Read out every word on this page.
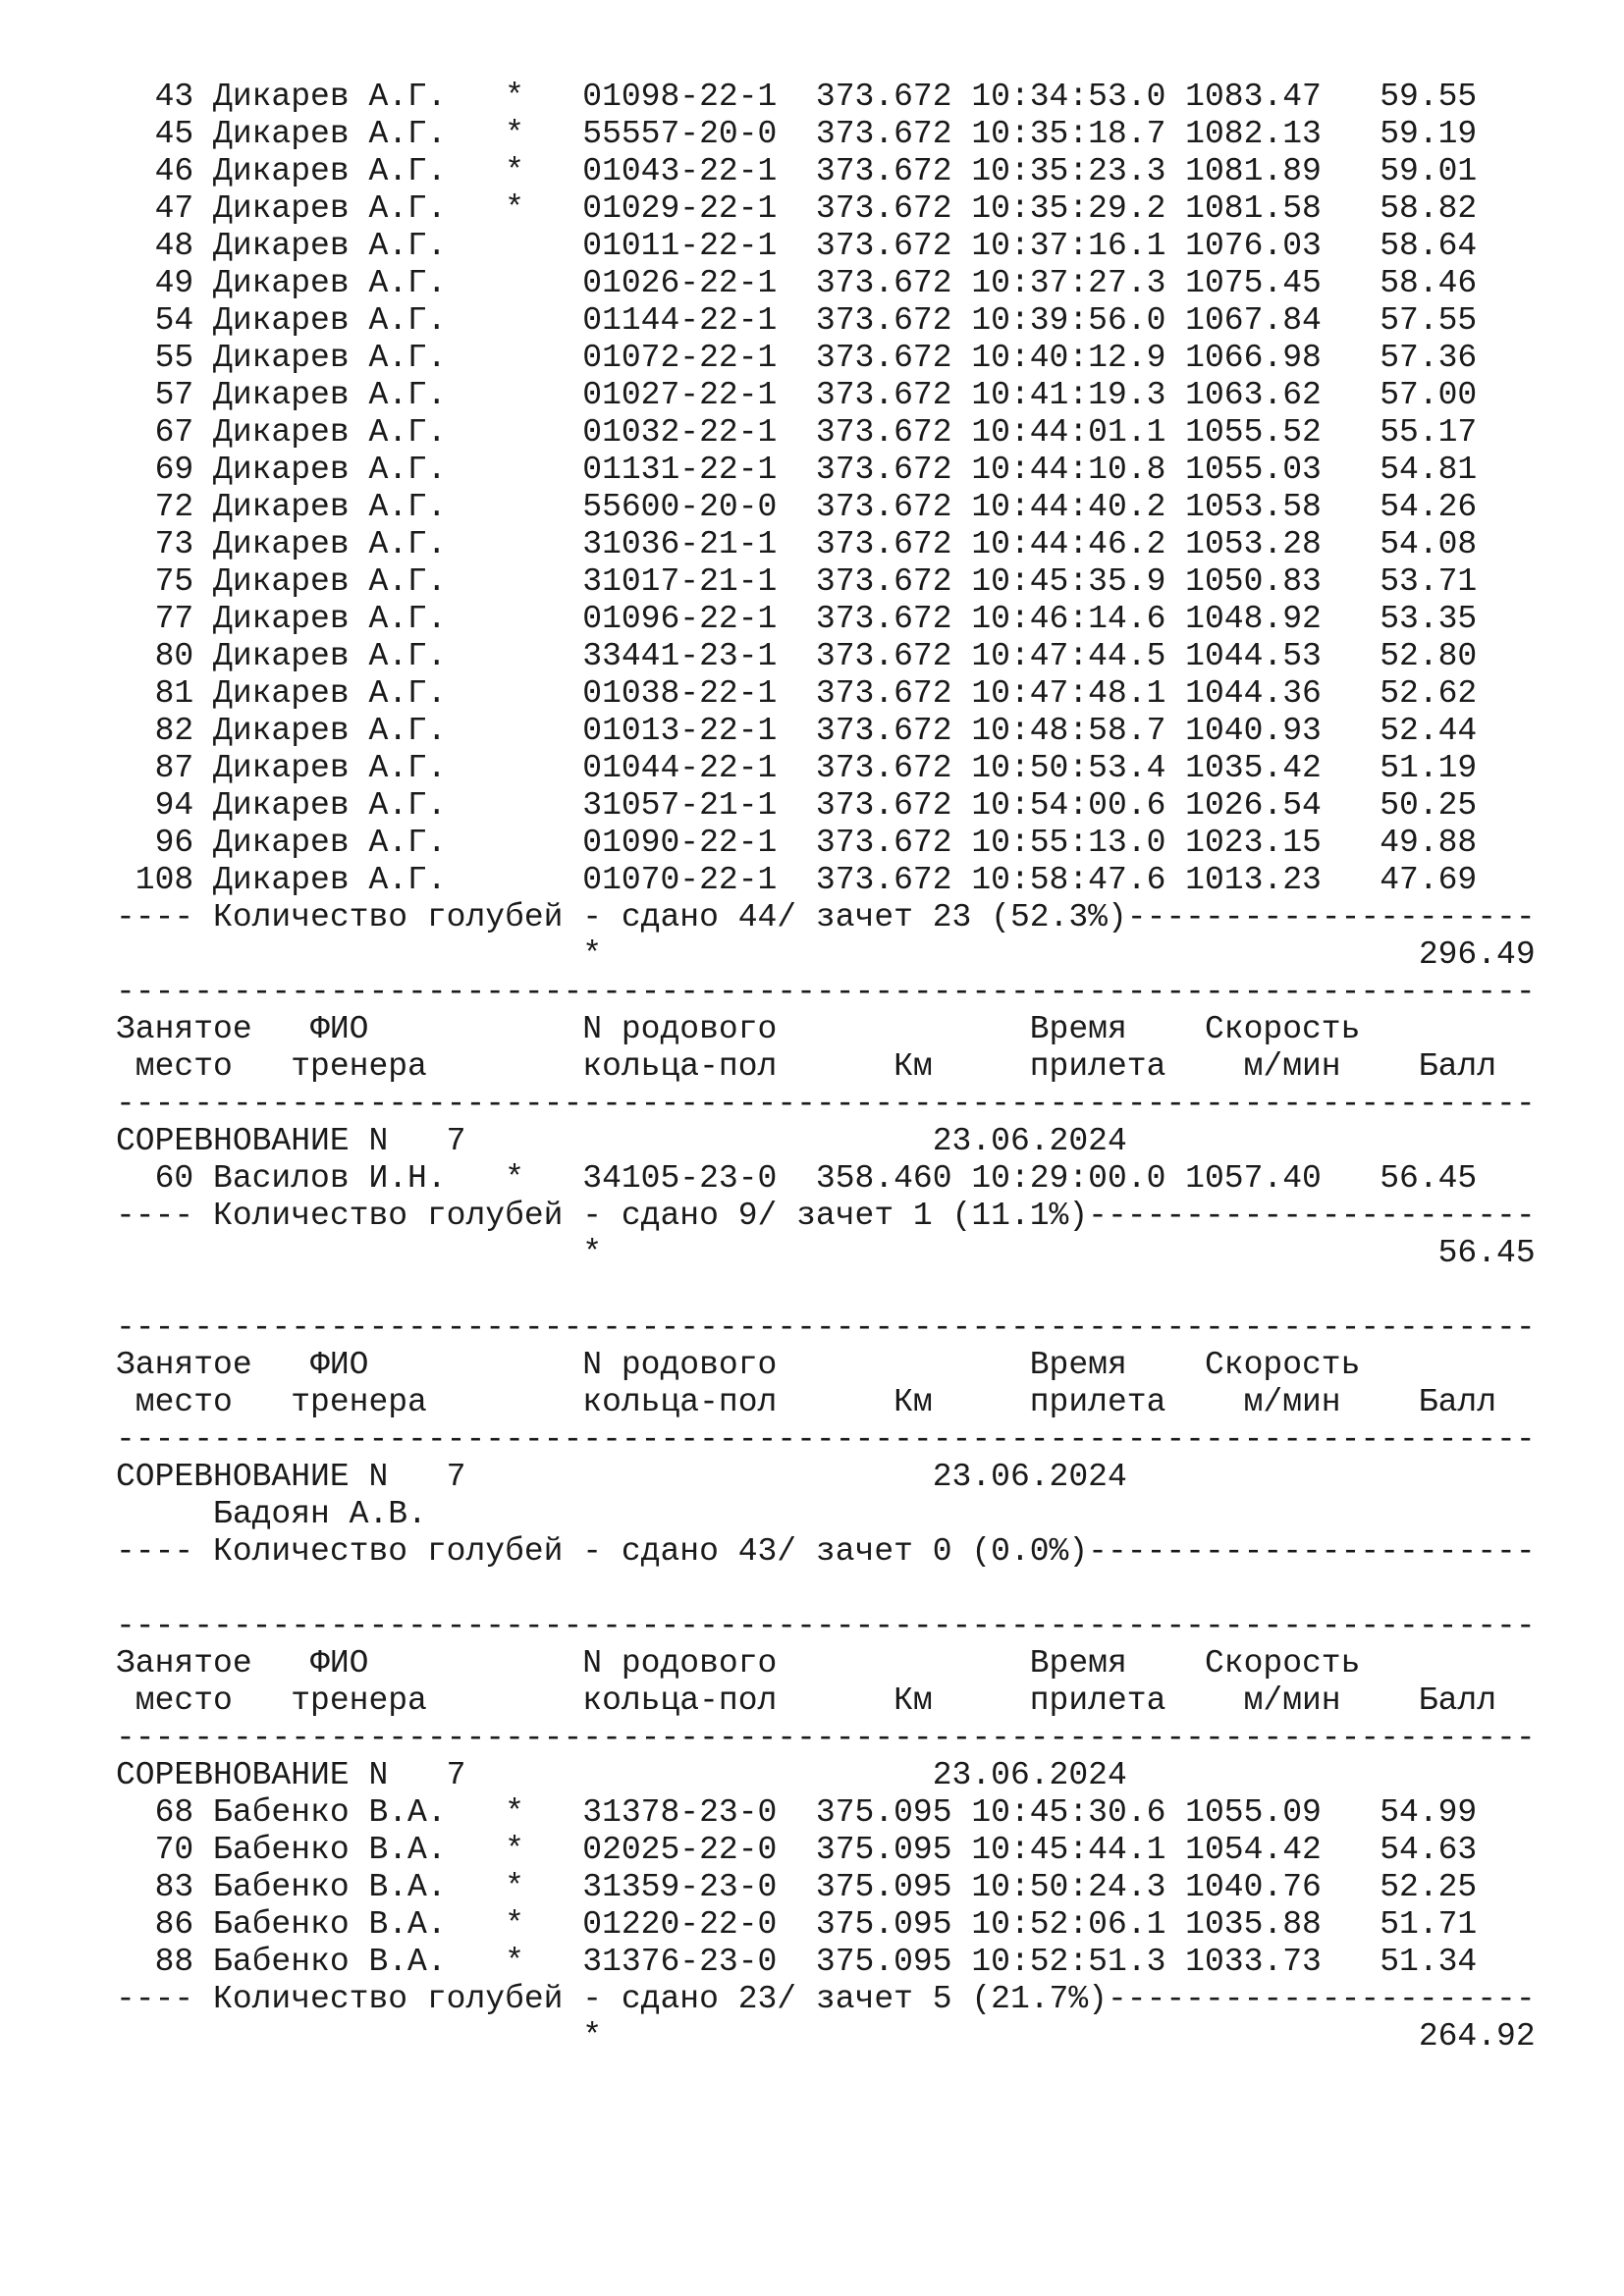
43 Дикарев А.Г.   *   01098-22-1  373.672 10:34:53.0 1083.47   59.55
45 Дикарев А.Г.   *   55557-20-0  373.672 10:35:18.7 1082.13   59.19
46 Дикарев А.Г.   *   01043-22-1  373.672 10:35:23.3 1081.89   59.01
47 Дикарев А.Г.   *   01029-22-1  373.672 10:35:29.2 1081.58   58.82
48 Дикарев А.Г.       01011-22-1  373.672 10:37:16.1 1076.03   58.64
49 Дикарев А.Г.       01026-22-1  373.672 10:37:27.3 1075.45   58.46
54 Дикарев А.Г.       01144-22-1  373.672 10:39:56.0 1067.84   57.55
55 Дикарев А.Г.       01072-22-1  373.672 10:40:12.9 1066.98   57.36
57 Дикарев А.Г.       01027-22-1  373.672 10:41:19.3 1063.62   57.00
67 Дикарев А.Г.       01032-22-1  373.672 10:44:01.1 1055.52   55.17
69 Дикарев А.Г.       01131-22-1  373.672 10:44:10.8 1055.03   54.81
72 Дикарев А.Г.       55600-20-0  373.672 10:44:40.2 1053.58   54.26
73 Дикарев А.Г.       31036-21-1  373.672 10:44:46.2 1053.28   54.08
75 Дикарев А.Г.       31017-21-1  373.672 10:45:35.9 1050.83   53.71
77 Дикарев А.Г.       01096-22-1  373.672 10:46:14.6 1048.92   53.35
80 Дикарев А.Г.       33441-23-1  373.672 10:47:44.5 1044.53   52.80
81 Дикарев А.Г.       01038-22-1  373.672 10:47:48.1 1044.36   52.62
82 Дикарев А.Г.       01013-22-1  373.672 10:48:58.7 1040.93   52.44
87 Дикарев А.Г.       01044-22-1  373.672 10:50:53.4 1035.42   51.19
94 Дикарев А.Г.       31057-21-1  373.672 10:54:00.6 1026.54   50.25
96 Дикарев А.Г.       01090-22-1  373.672 10:55:13.0 1023.15   49.88
108 Дикарев А.Г.       01070-22-1  373.672 10:58:47.6 1013.23   47.69
---- Количество голубей - сдано 44/ зачет 23 (52.3%)---------------------
*                                          296.49
-------------------------------------------------------------------------
Занятое   ФИО           N родового             Время    Скорость
место   тренера        кольца-пол      Км     прилета    м/мин    Балл
-------------------------------------------------------------------------
СОРЕВНОВАНИЕ N   7                        23.06.2024
60 Василов И.Н.   *   34105-23-0  358.460 10:29:00.0 1057.40   56.45
---- Количество голубей - сдано 9/ зачет 1 (11.1%)-----------------------
*                                           56.45
-------------------------------------------------------------------------
Занятое   ФИО           N родового             Время    Скорость
место   тренера        кольца-пол      Км     прилета    м/мин    Балл
-------------------------------------------------------------------------
СОРЕВНОВАНИЕ N   7                        23.06.2024
Бадоян А.В.
---- Количество голубей - сдано 43/ зачет 0 (0.0%)-----------------------
-------------------------------------------------------------------------
Занятое   ФИО           N родового             Время    Скорость
место   тренера        кольца-пол      Км     прилета    м/мин    Балл
-------------------------------------------------------------------------
СОРЕВНОВАНИЕ N   7                        23.06.2024
68 Бабенко В.А.   *   31378-23-0  375.095 10:45:30.6 1055.09   54.99
70 Бабенко В.А.   *   02025-22-0  375.095 10:45:44.1 1054.42   54.63
83 Бабенко В.А.   *   31359-23-0  375.095 10:50:24.3 1040.76   52.25
86 Бабенко В.А.   *   01220-22-0  375.095 10:52:06.1 1035.88   51.71
88 Бабенко В.А.   *   31376-23-0  375.095 10:52:51.3 1033.73   51.34
---- Количество голубей - сдано 23/ зачет 5 (21.7%)----------------------
*                                          264.92
